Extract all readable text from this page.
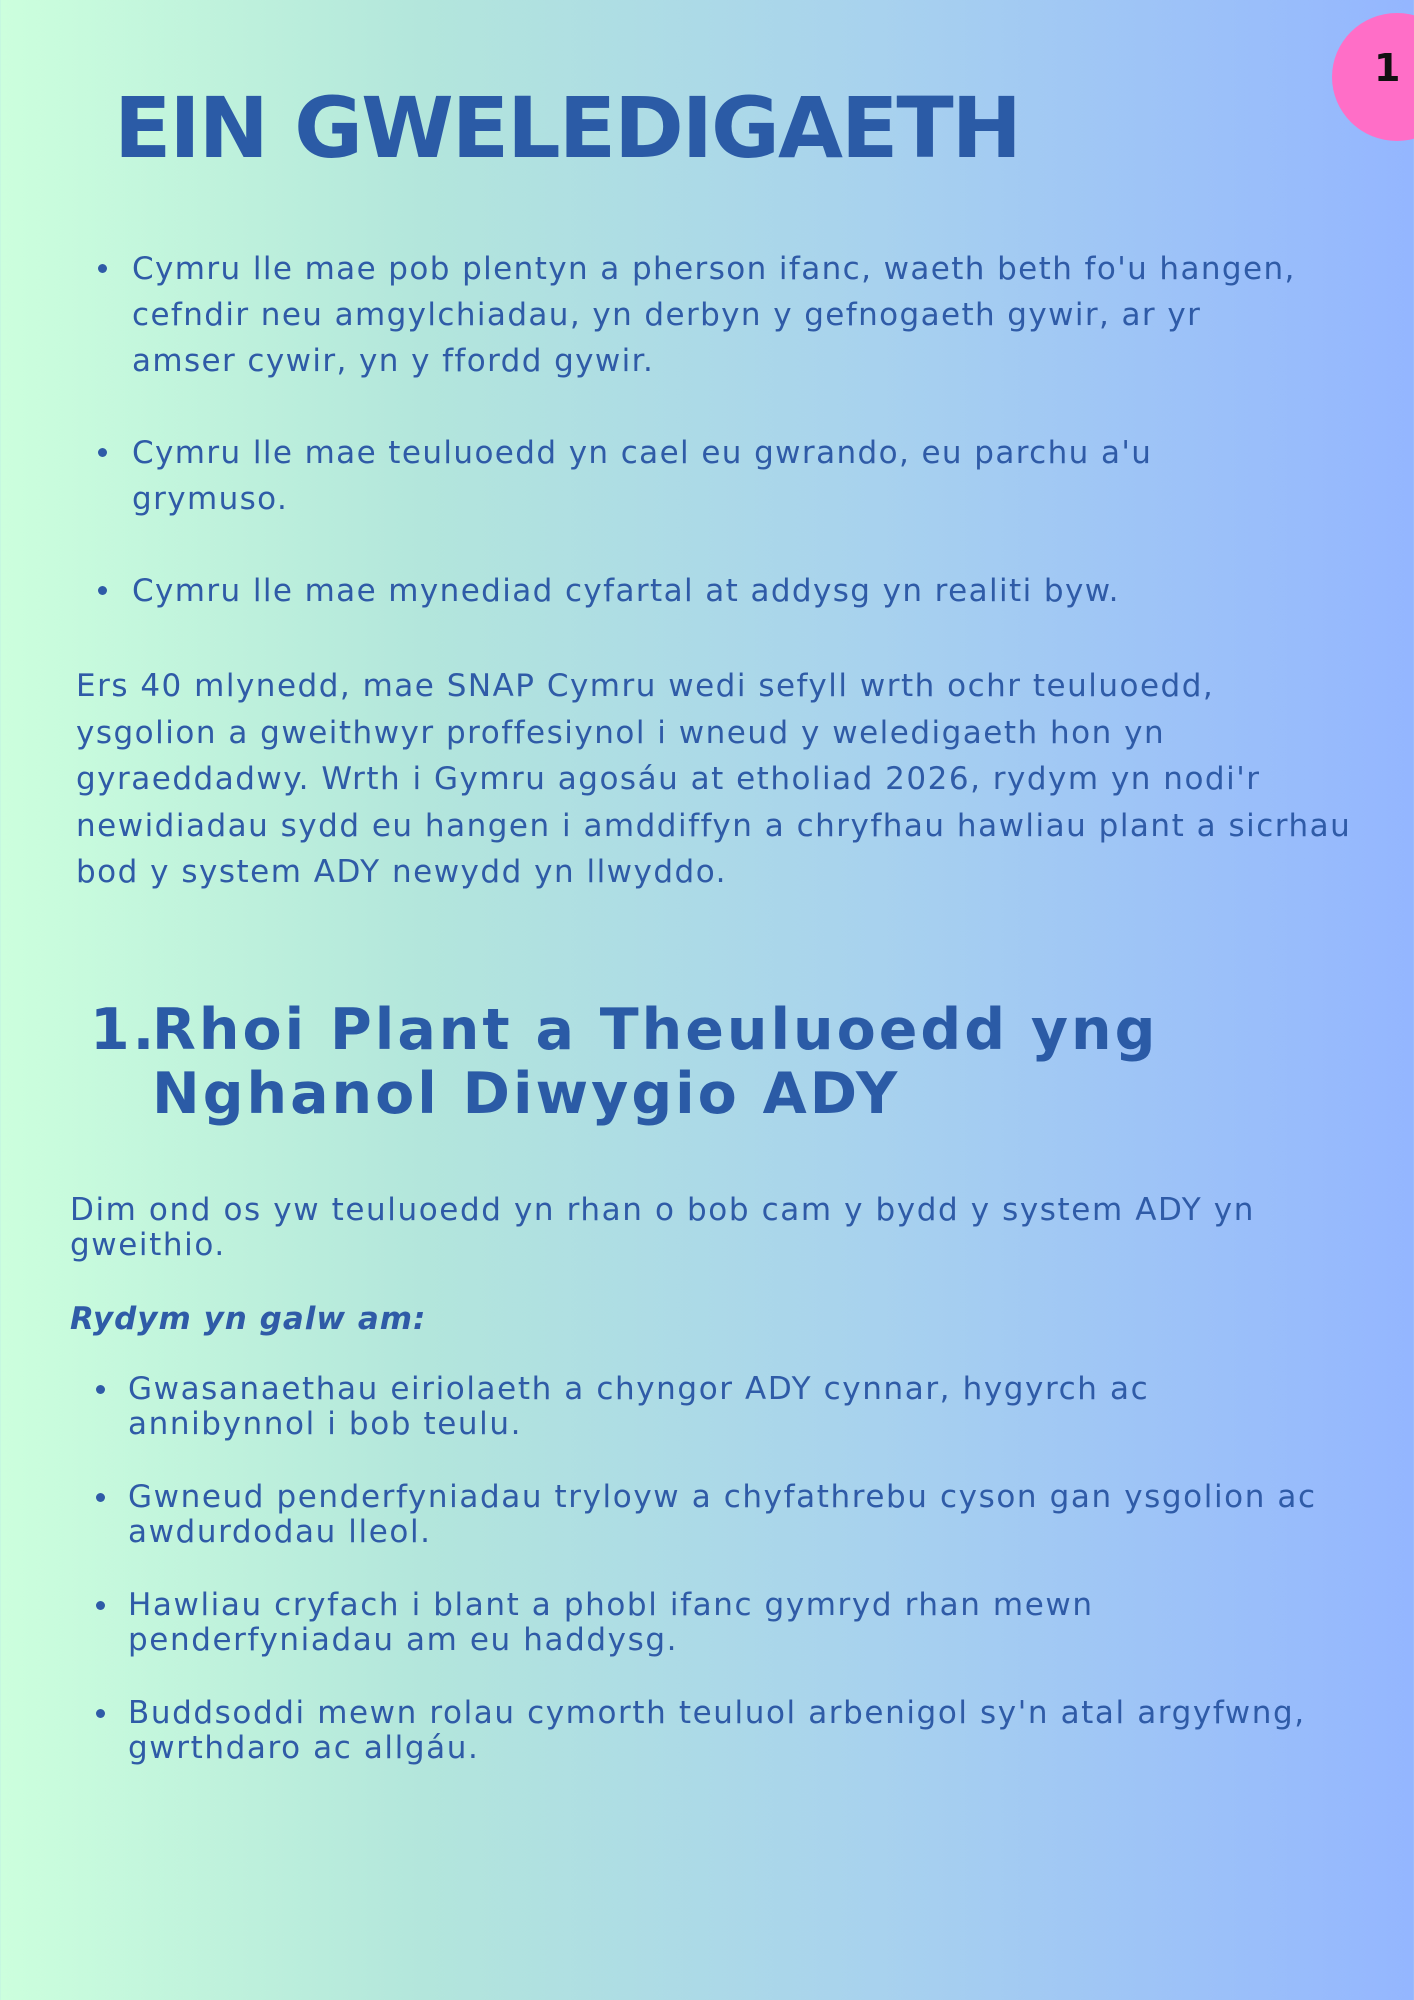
1
EIN GWELEDIGAETH
Cymru lle mae pob plentyn a pherson ifanc, waeth beth fo'u hangen, cefndir neu amgylchiadau, yn derbyn y gefnogaeth gywir, ar yr amser cywir, yn y ffordd gywir.
Cymru lle mae teuluoedd yn cael eu gwrando, eu parchu a'u grymuso.
Cymru lle mae mynediad cyfartal at addysg yn realiti byw.

Ers 40 mlynedd, mae SNAP Cymru wedi sefyll wrth ochr teuluoedd, ysgolion a gweithwyr proffesiynol i wneud y weledigaeth hon yn gyraeddadwy. Wrth i Gymru agosáu at etholiad 2026, rydym yn nodi'r newidiadau sydd eu hangen i amddiffyn a chryfhau hawliau plant a sicrhau bod y system ADY newydd yn llwyddo.

1.
Rhoi Plant a Theuluoedd yng Nghanol Diwygio ADY

Dim ond os yw teuluoedd yn rhan o bob cam y bydd y system ADY yn gweithio.

Rydym yn galw am:

Gwasanaethau eiriolaeth a chyngor ADY cynnar, hygyrch ac annibynnol i bob teulu.
Gwneud penderfyniadau tryloyw a chyfathrebu cyson gan ysgolion ac awdurdodau lleol.
Hawliau cryfach i blant a phobl ifanc gymryd rhan mewn penderfyniadau am eu haddysg.
Buddsoddi mewn rolau cymorth teuluol arbenigol sy'n atal argyfwng, gwrthdaro ac allgáu.
